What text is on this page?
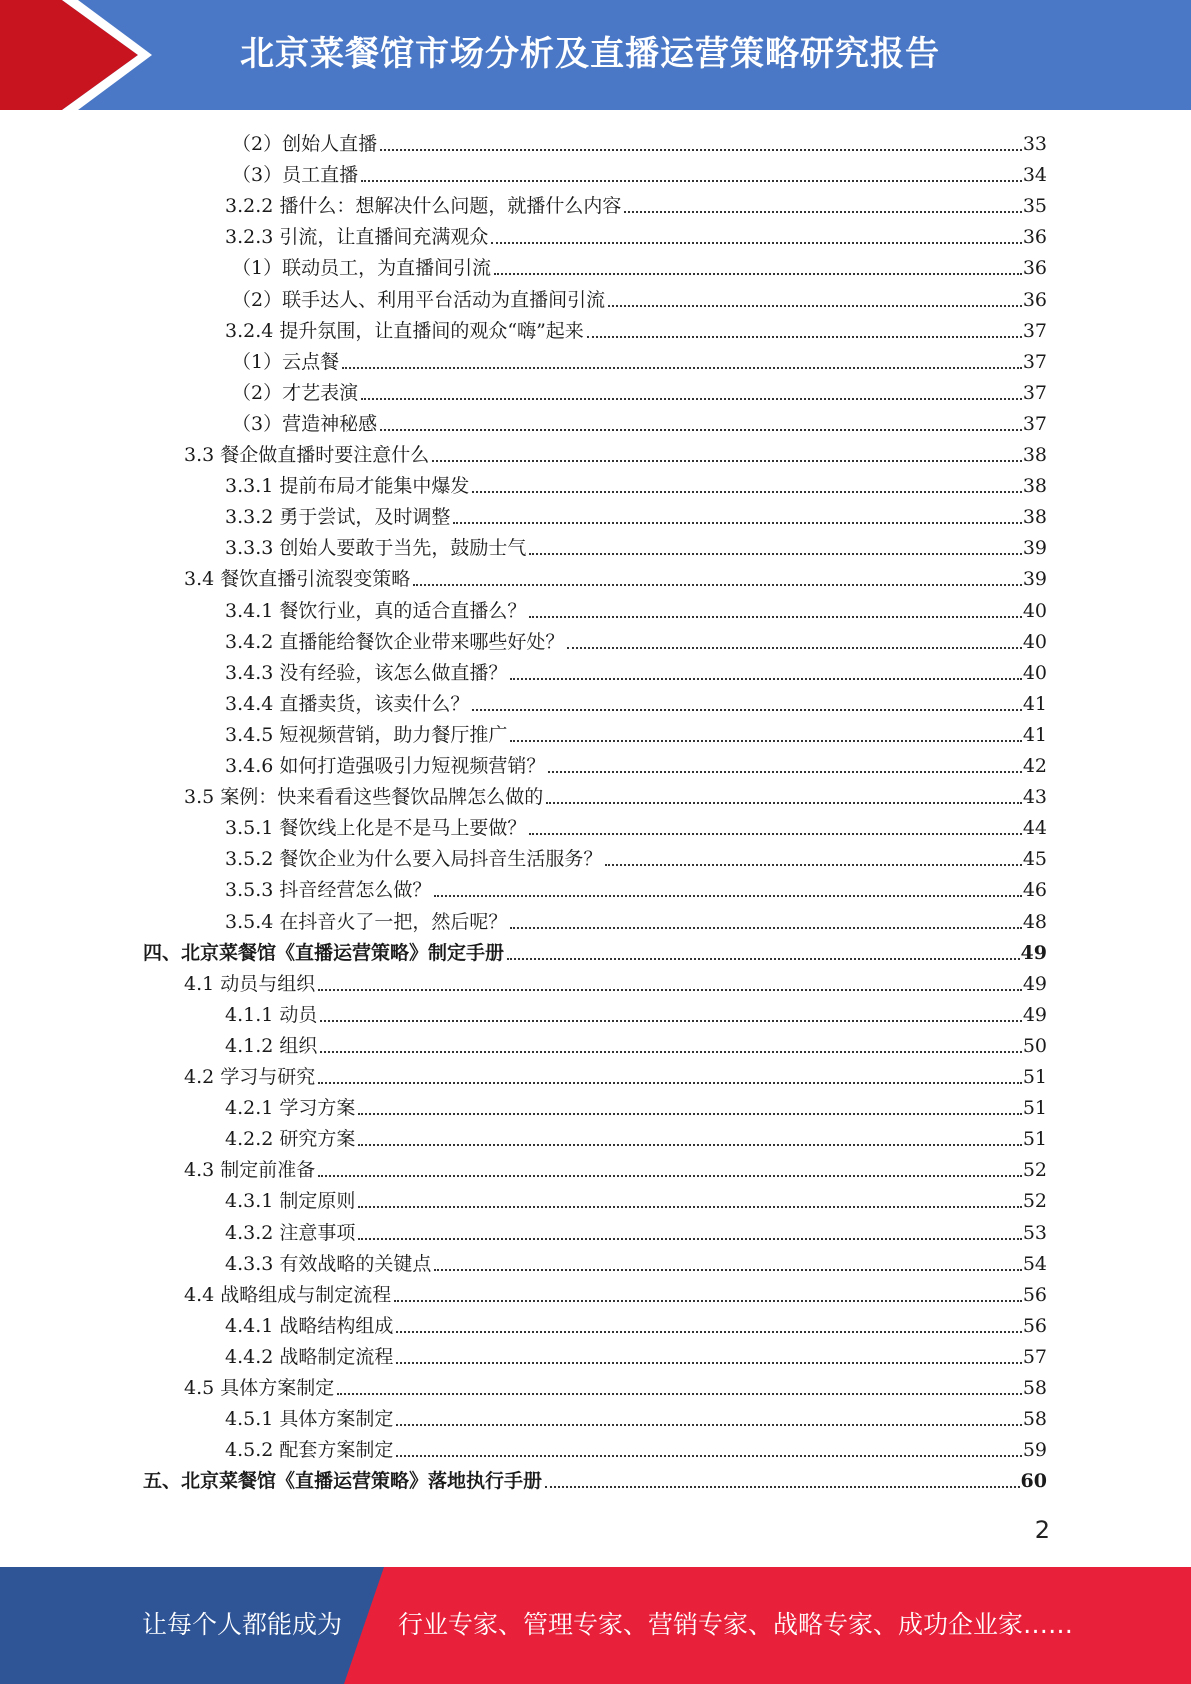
北京菜餐馆市场分析及直播运营策略研究报告
（2）创始人直播	33
（3）员工直播	34
3.2.2 播什么：想解决什么问题，就播什么内容	35
3.2.3 引流，让直播间充满观众	36
（1）联动员工，为直播间引流	36
（2）联手达人、利用平台活动为直播间引流	36
3.2.4 提升氛围，让直播间的观众“嗨”起来	37
（1）云点餐	37
（2）才艺表演	37
（3）营造神秘感	37
3.3 餐企做直播时要注意什么	38
3.3.1 提前布局才能集中爆发	38
3.3.2 勇于尝试，及时调整	38
3.3.3 创始人要敢于当先，鼓励士气	39
3.4 餐饮直播引流裂变策略	39
3.4.1 餐饮行业，真的适合直播么？	40
3.4.2 直播能给餐饮企业带来哪些好处？	40
3.4.3 没有经验，该怎么做直播？	40
3.4.4 直播卖货，该卖什么？	41
3.4.5 短视频营销，助力餐厅推广	41
3.4.6 如何打造强吸引力短视频营销？	42
3.5 案例：快来看看这些餐饮品牌怎么做的	43
3.5.1 餐饮线上化是不是马上要做？	44
3.5.2 餐饮企业为什么要入局抖音生活服务？	45
3.5.3 抖音经营怎么做？	46
3.5.4 在抖音火了一把，然后呢？	48
四、北京菜餐馆《直播运营策略》制定手册	49
4.1 动员与组织	49
4.1.1 动员	49
4.1.2 组织	50
4.2 学习与研究	51
4.2.1 学习方案	51
4.2.2 研究方案	51
4.3 制定前准备	52
4.3.1 制定原则	52
4.3.2 注意事项	53
4.3.3 有效战略的关键点	54
4.4 战略组成与制定流程	56
4.4.1 战略结构组成	56
4.4.2 战略制定流程	57
4.5 具体方案制定	58
4.5.1 具体方案制定	58
4.5.2 配套方案制定	59
五、北京菜餐馆《直播运营策略》落地执行手册	60
2
让每个人都能成为 行业专家、管理专家、营销专家、战略专家、成功企业家……
